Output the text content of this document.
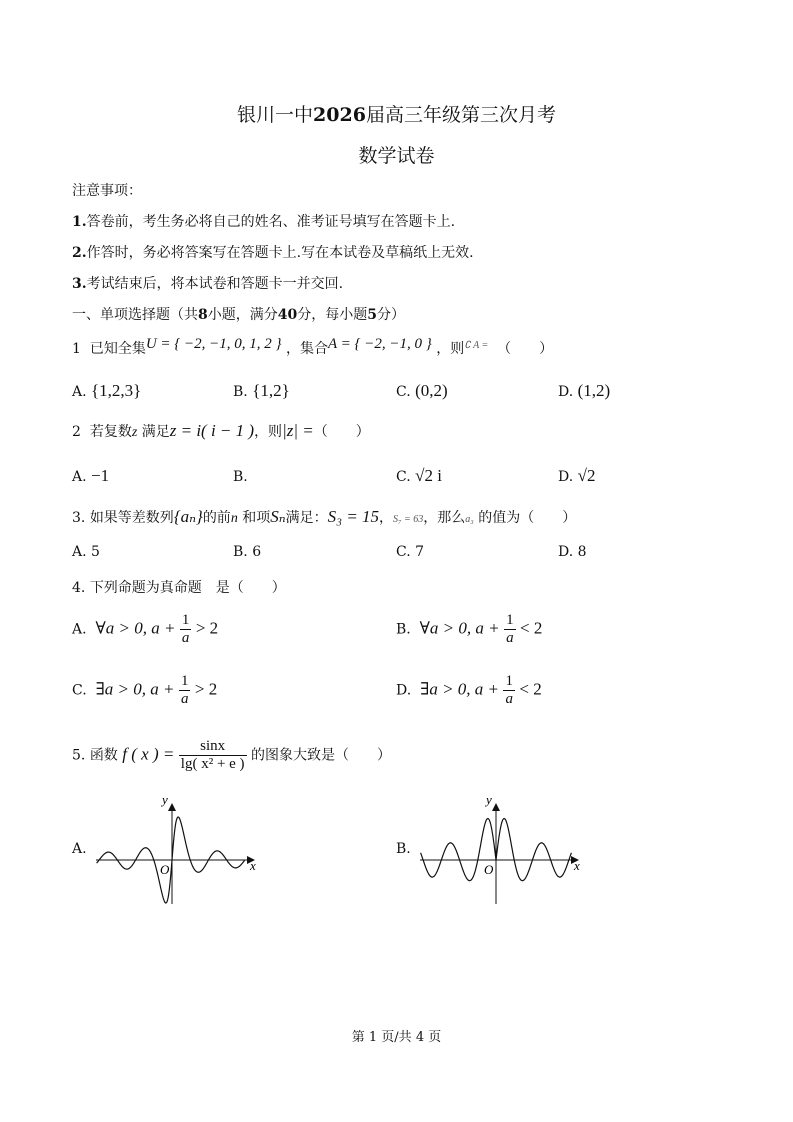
银川一中2026届高三年级第三次月考
数学试卷
注意事项：
1.答卷前，考生务必将自己的姓名、准考证号填写在答题卡上.
2.作答时，务必将答案写在答题卡上.写在本试卷及草稿纸上无效.
3.考试结束后，将本试卷和答题卡一并交回.
一、单项选择题（共8小题，满分40分，每小题5分）
1 已知全集U = { −2, −1, 0, 1, 2 } ，集合A = { −2, −1, 0 } ，则$^{∁ A =}$ （　　）
A. {1,2,3}	B. {1,2}	C. (0,2)	D. (1,2)
2 若复数z 满足z = i( i − 1 )，则|z| =（　　）
A. −1	B.	C. √2 i	D. √2
3. 如果等差数列{aₙ}的前n 和项Sₙ满足：S₃ = 15，S₇ = 63，那么a₃ 的值为（　　）
A. 5	B. 6	C. 7	D. 8
4. 下列命题为真命题　是（　　）
A. ∀a > 0, $a + \frac{1}{a} > 2$	B. ∀a > 0, $a + \frac{1}{a} < 2$
C. ∃a > 0, $a + \frac{1}{a} > 2$	D. ∃a > 0, $a + \frac{1}{a} < 2$
5. 函数 f ( x ) = $\frac{\sin x}{\text{lg( x² + e )}}$ 的图象大致是（　　）
A.
y
x
O
B.
y
x
O
第 1 页/共 4 页
